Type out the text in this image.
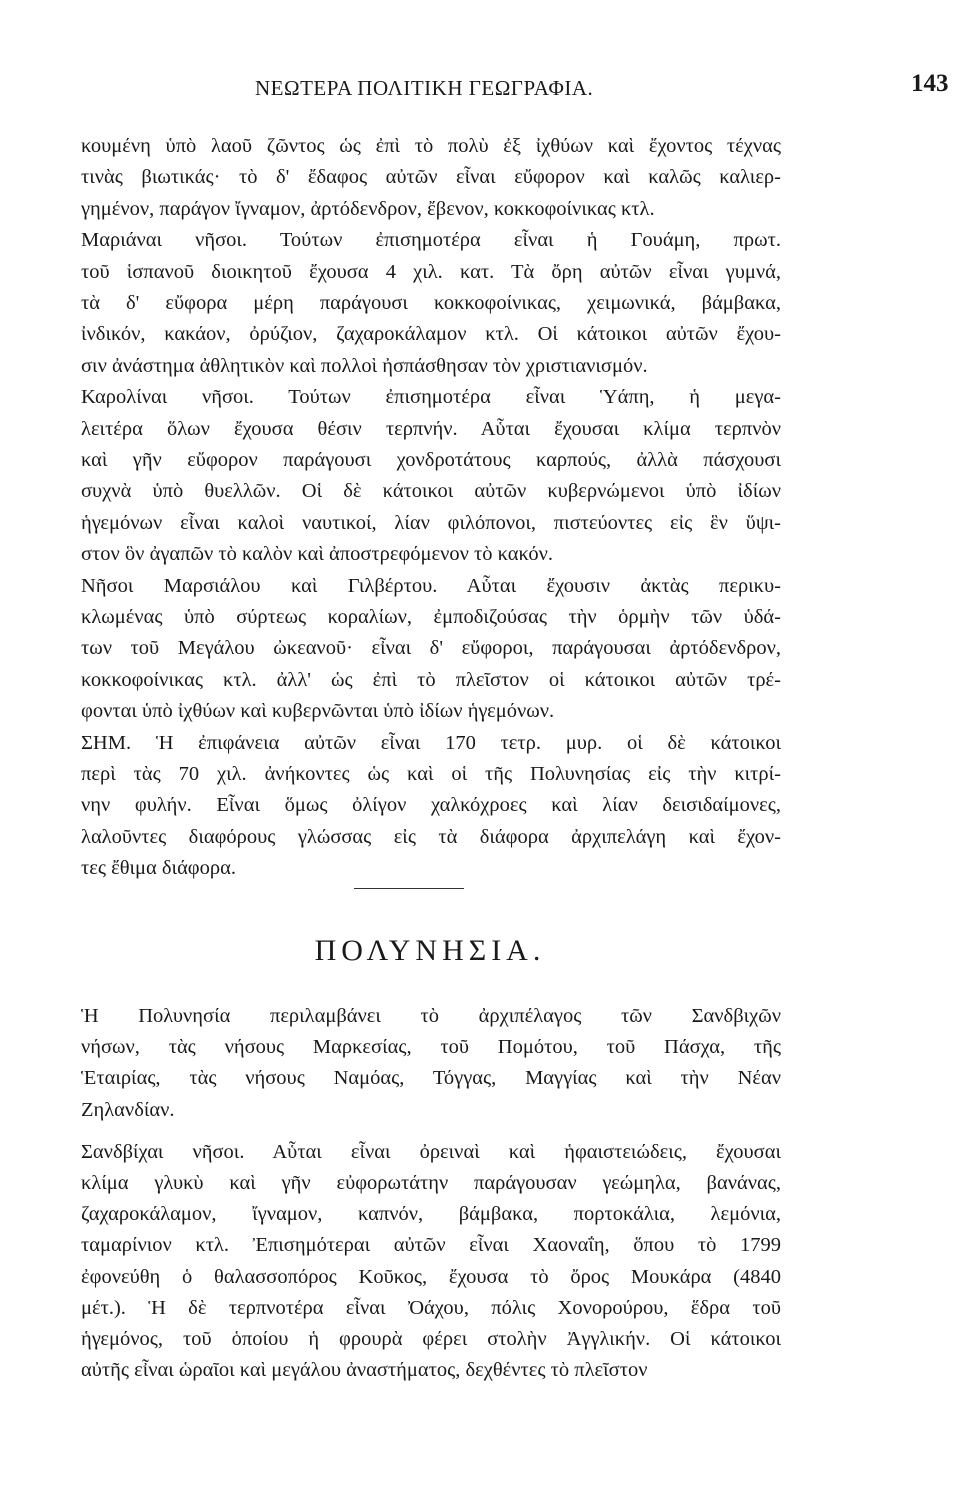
ΝΕΩΤΕΡΑ ΠΟΛΙΤΙΚΗ ΓΕΩΓΡΑΦΙΑ.	143
κουμένη ὑπὸ λαοῦ ζῶντος ὡς ἐπὶ τὸ πολὺ ἐξ ἰχθύων καὶ ἔχοντος τέχνας
τινὰς βιωτικάς· τὸ δ' ἔδαφος αὐτῶν εἶναι εὔφορον καὶ καλῶς καλιερ-
γημένον, παράγον ἴγναμον, ἀρτόδενδρον, ἔβενον, κοκκοφοίνικας κτλ.
Μαριάναι νῆσοι. Τούτων ἐπισημοτέρα εἶναι ἡ Γουάμη, πρωτ.
τοῦ ἱσπανοῦ διοικητοῦ ἔχουσα 4 χιλ. κατ. Τὰ ὄρη αὐτῶν εἶναι γυμνά,
τὰ δ' εὔφορα μέρη παράγουσι κοκκοφοίνικας, χειμωνικά, βάμβακα,
ἰνδικόν, κακάον, ὀρύζιον, ζαχαροκάλαμον κτλ. Οἱ κάτοικοι αὐτῶν ἔχου-
σιν ἀνάστημα ἀθλητικὸν καὶ πολλοὶ ἠσπάσθησαν τὸν χριστιανισμόν.
Καρολίναι νῆσοι. Τούτων ἐπισημοτέρα εἶναι Ὑάπη, ἡ μεγα-
λειτέρα ὅλων ἔχουσα θέσιν τερπνήν. Αὗται ἔχουσαι κλίμα τερπνὸν
καὶ γῆν εὔφορον παράγουσι χονδροτάτους καρπούς, ἀλλὰ πάσχουσι
συχνὰ ὑπὸ θυελλῶν. Οἱ δὲ κάτοικοι αὐτῶν κυβερνώμενοι ὑπὸ ἰδίων
ἡγεμόνων εἶναι καλοὶ ναυτικοί, λίαν φιλόπονοι, πιστεύοντες εἰς ἓν ὕψι-
στον ὃν ἀγαπῶν τὸ καλὸν καὶ ἀποστρεφόμενον τὸ κακόν.
Νῆσοι Μαρσιάλου καὶ Γιλβέρτου. Αὗται ἔχουσιν ἀκτὰς περικυ-
κλωμένας ὑπὸ σύρτεως κοραλίων, ἐμποδιζούσας τὴν ὁρμὴν τῶν ὑδά-
των τοῦ Μεγάλου ὠκεανοῦ· εἶναι δ' εὔφοροι, παράγουσαι ἀρτόδενδρον,
κοκκοφοίνικας κτλ. ἀλλ' ὡς ἐπὶ τὸ πλεῖστον οἱ κάτοικοι αὐτῶν τρέ-
φονται ὑπὸ ἰχθύων καὶ κυβερνῶνται ὑπὸ ἰδίων ἡγεμόνων.
ΣΗΜ. Ἡ ἐπιφάνεια αὐτῶν εἶναι 170 τετρ. μυρ. οἱ δὲ κάτοικοι
περὶ τὰς 70 χιλ. ἀνήκοντες ὡς καὶ οἱ τῆς Πολυνησίας εἰς τὴν κιτρί-
νην φυλήν. Εἶναι ὅμως ὀλίγον χαλκόχροες καὶ λίαν δεισιδαίμονες,
λαλοῦντες διαφόρους γλώσσας εἰς τὰ διάφορα ἀρχιπελάγη καὶ ἔχον-
τες ἔθιμα διάφορα.
ΠΟΛΥΝΗΣΙΑ.
Ἡ Πολυνησία περιλαμβάνει τὸ ἀρχιπέλαγος τῶν Σανδβιχῶν
νήσων, τὰς νήσους Μαρκεσίας, τοῦ Πομότου, τοῦ Πάσχα, τῆς
Ἑταιρίας, τὰς νήσους Ναμόας, Τόγγας, Μαγγίας καὶ τὴν Νέαν
Ζηλανδίαν.
Σανδβίχαι νῆσοι. Αὗται εἶναι ὀρειναὶ καὶ ἡφαιστειώδεις, ἔχουσαι
κλίμα γλυκὺ καὶ γῆν εὐφορωτάτην παράγουσαν γεώμηλα, βανάνας,
ζαχαροκάλαμον, ἴγναμον, καπνόν, βάμβακα, πορτοκάλια, λεμόνια,
ταμαρίνιον κτλ. Ἐπισημότεραι αὐτῶν εἶναι Χαοναΐη, ὅπου τὸ 1799
ἐφονεύθη ὁ θαλασσοπόρος Κοῦκος, ἔχουσα τὸ ὄρος Μουκάρα (4840
μέτ.). Ἡ δὲ τερπνοτέρα εἶναι Ὀάχου, πόλις Χονορούρου, ἕδρα τοῦ
ἡγεμόνος, τοῦ ὁποίου ἡ φρουρὰ φέρει στολὴν Ἀγγλικήν. Οἱ κάτοικοι
αὐτῆς εἶναι ὡραῖοι καὶ μεγάλου ἀναστήματος, δεχθέντες τὸ πλεῖστον
